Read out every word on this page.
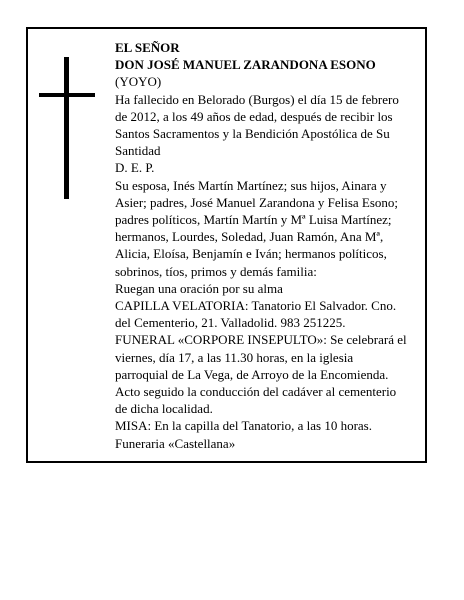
EL SEÑOR
DON JOSÉ MANUEL ZARANDONA ESONO
(YOYO)
Ha fallecido en Belorado (Burgos) el día 15 de febrero
de 2012, a los 49 años de edad, después de recibir los
Santos Sacramentos y la Bendición Apostólica de Su
Santidad
D. E. P.
Su esposa, Inés Martín Martínez; sus hijos, Ainara y
Asier; padres, José Manuel Zarandona y Felisa Esono;
padres políticos, Martín Martín y Mª Luisa Martínez;
hermanos, Lourdes, Soledad, Juan Ramón, Ana Mª,
Alicia, Eloísa, Benjamín e Iván; hermanos políticos,
sobrinos, tíos, primos y demás familia:
Ruegan una oración por su alma
CAPILLA VELATORIA: Tanatorio El Salvador. Cno.
del Cementerio, 21. Valladolid. 983 251225.
FUNERAL «CORPORE INSEPULTO»: Se celebrará el
viernes, día 17, a las 11.30 horas, en la iglesia
parroquial de La Vega, de Arroyo de la Encomienda.
Acto seguido la conducción del cadáver al cementerio
de dicha localidad.
MISA: En la capilla del Tanatorio, a las 10 horas.
Funeraria «Castellana»
